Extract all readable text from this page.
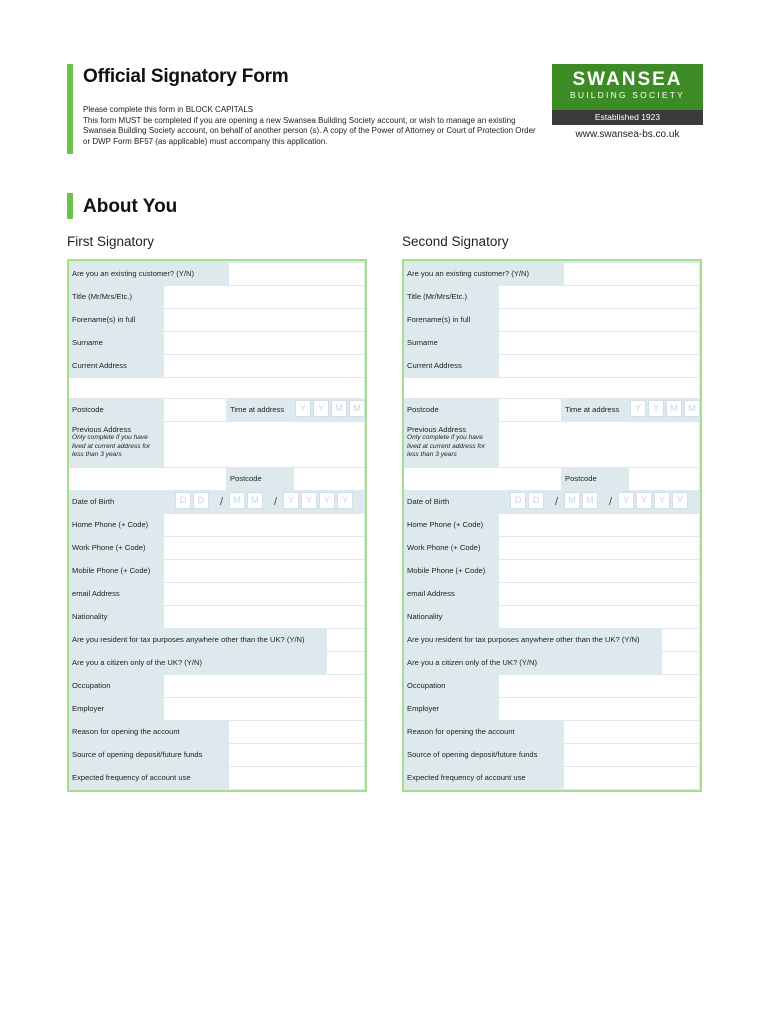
Official Signatory Form
Please complete this form in BLOCK CAPITALS
This form MUST be completed if you are opening a new Swansea Building Society account, or wish to manage an existing Swansea Building Society account, on behalf of another person (s). A copy of the Power of Attorney or Court of Protection Order or DWP Form BF57 (as applicable) must accompany this application.
SWANSEA
BUILDING SOCIETY
Established 1923
www.swansea-bs.co.uk
About You
First Signatory	Second Signatory
Are you an existing customer? (Y/N)
Title (Mr/Mrs/Etc.)
Forename(s) in full
Surname
Current Address
Postcode	Time at address	Y	Y	M	M
Previous Address
Only complete if you have lived at current address for less than 3 years
Postcode
Date of Birth	D	D	/	M	M	/	Y	Y	Y	Y
Home Phone (+ Code)
Work Phone (+ Code)
Mobile Phone (+ Code)
email Address
Nationality
Are you resident for tax purposes anywhere other than the UK? (Y/N)
Are you a citizen only of the UK? (Y/N)
Occupation
Employer
Reason for opening the account
Source of opening deposit/future funds
Expected frequency of account use
Are you an existing customer? (Y/N)
Title (Mr/Mrs/Etc.)
Forename(s) in full
Surname
Current Address
Postcode	Time at address	Y	Y	M	M
Previous Address
Only complete if you have lived at current address for less than 3 years
Postcode
Date of Birth	D	D	/	M	M	/	Y	Y	Y	Y
Home Phone (+ Code)
Work Phone (+ Code)
Mobile Phone (+ Code)
email Address
Nationality
Are you resident for tax purposes anywhere other than the UK? (Y/N)
Are you a citizen only of the UK? (Y/N)
Occupation
Employer
Reason for opening the account
Source of opening deposit/future funds
Expected frequency of account use
